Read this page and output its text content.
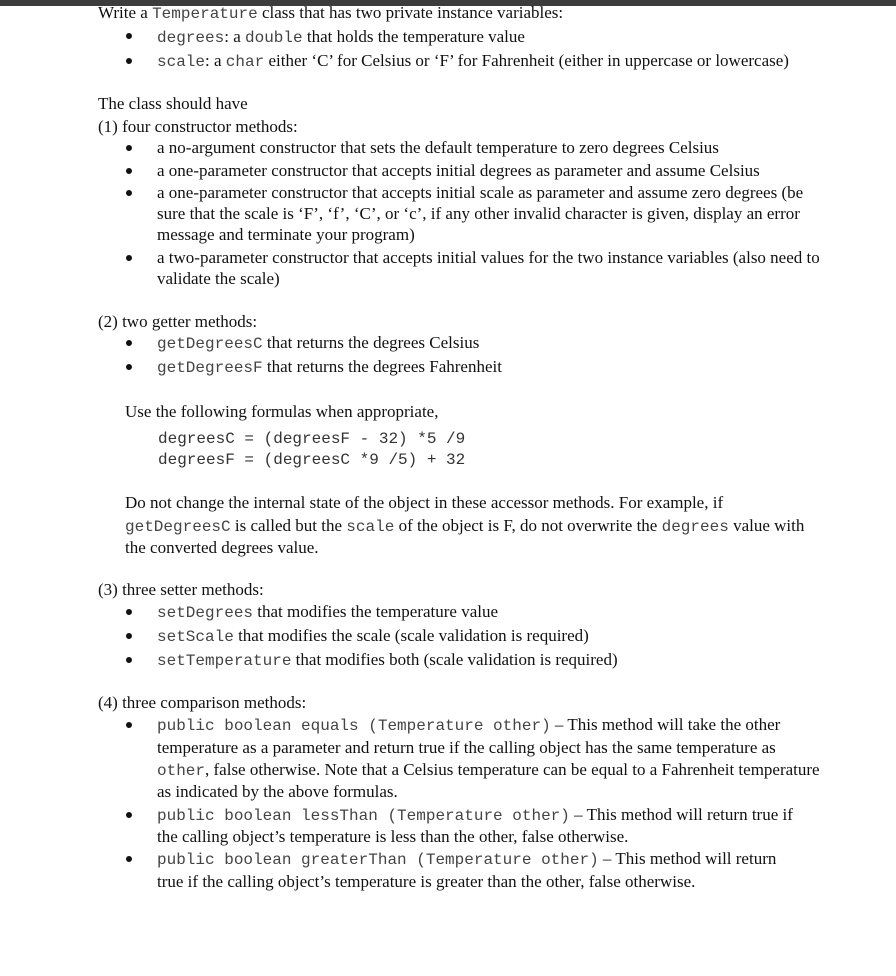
Write a Temperature class that has two private instance variables:
degrees: a double that holds the temperature value
scale: a char either ‘C’ for Celsius or ‘F’ for Fahrenheit (either in uppercase or lowercase)
The class should have
(1) four constructor methods:
a no-argument constructor that sets the default temperature to zero degrees Celsius
a one-parameter constructor that accepts initial degrees as parameter and assume Celsius
a one-parameter constructor that accepts initial scale as parameter and assume zero degrees (be
sure that the scale is ‘F’, ‘f’, ‘C’, or ‘c’, if any other invalid character is given, display an error
message and terminate your program)
a two-parameter constructor that accepts initial values for the two instance variables (also need to
validate the scale)
(2) two getter methods:
getDegreesC that returns the degrees Celsius
getDegreesF that returns the degrees Fahrenheit
Use the following formulas when appropriate,
degreesC = (degreesF - 32) *5 /9
degreesF = (degreesC *9 /5) + 32
Do not change the internal state of the object in these accessor methods. For example, if
getDegreesC is called but the scale of the object is F, do not overwrite the degrees value with
the converted degrees value.
(3) three setter methods:
setDegrees that modifies the temperature value
setScale that modifies the scale (scale validation is required)
setTemperature that modifies both (scale validation is required)
(4) three comparison methods:
public boolean equals (Temperature other) – This method will take the other
temperature as a parameter and return true if the calling object has the same temperature as
other, false otherwise. Note that a Celsius temperature can be equal to a Fahrenheit temperature
as indicated by the above formulas.
public boolean lessThan (Temperature other) – This method will return true if
the calling object’s temperature is less than the other, false otherwise.
public boolean greaterThan (Temperature other) – This method will return
true if the calling object’s temperature is greater than the other, false otherwise.
